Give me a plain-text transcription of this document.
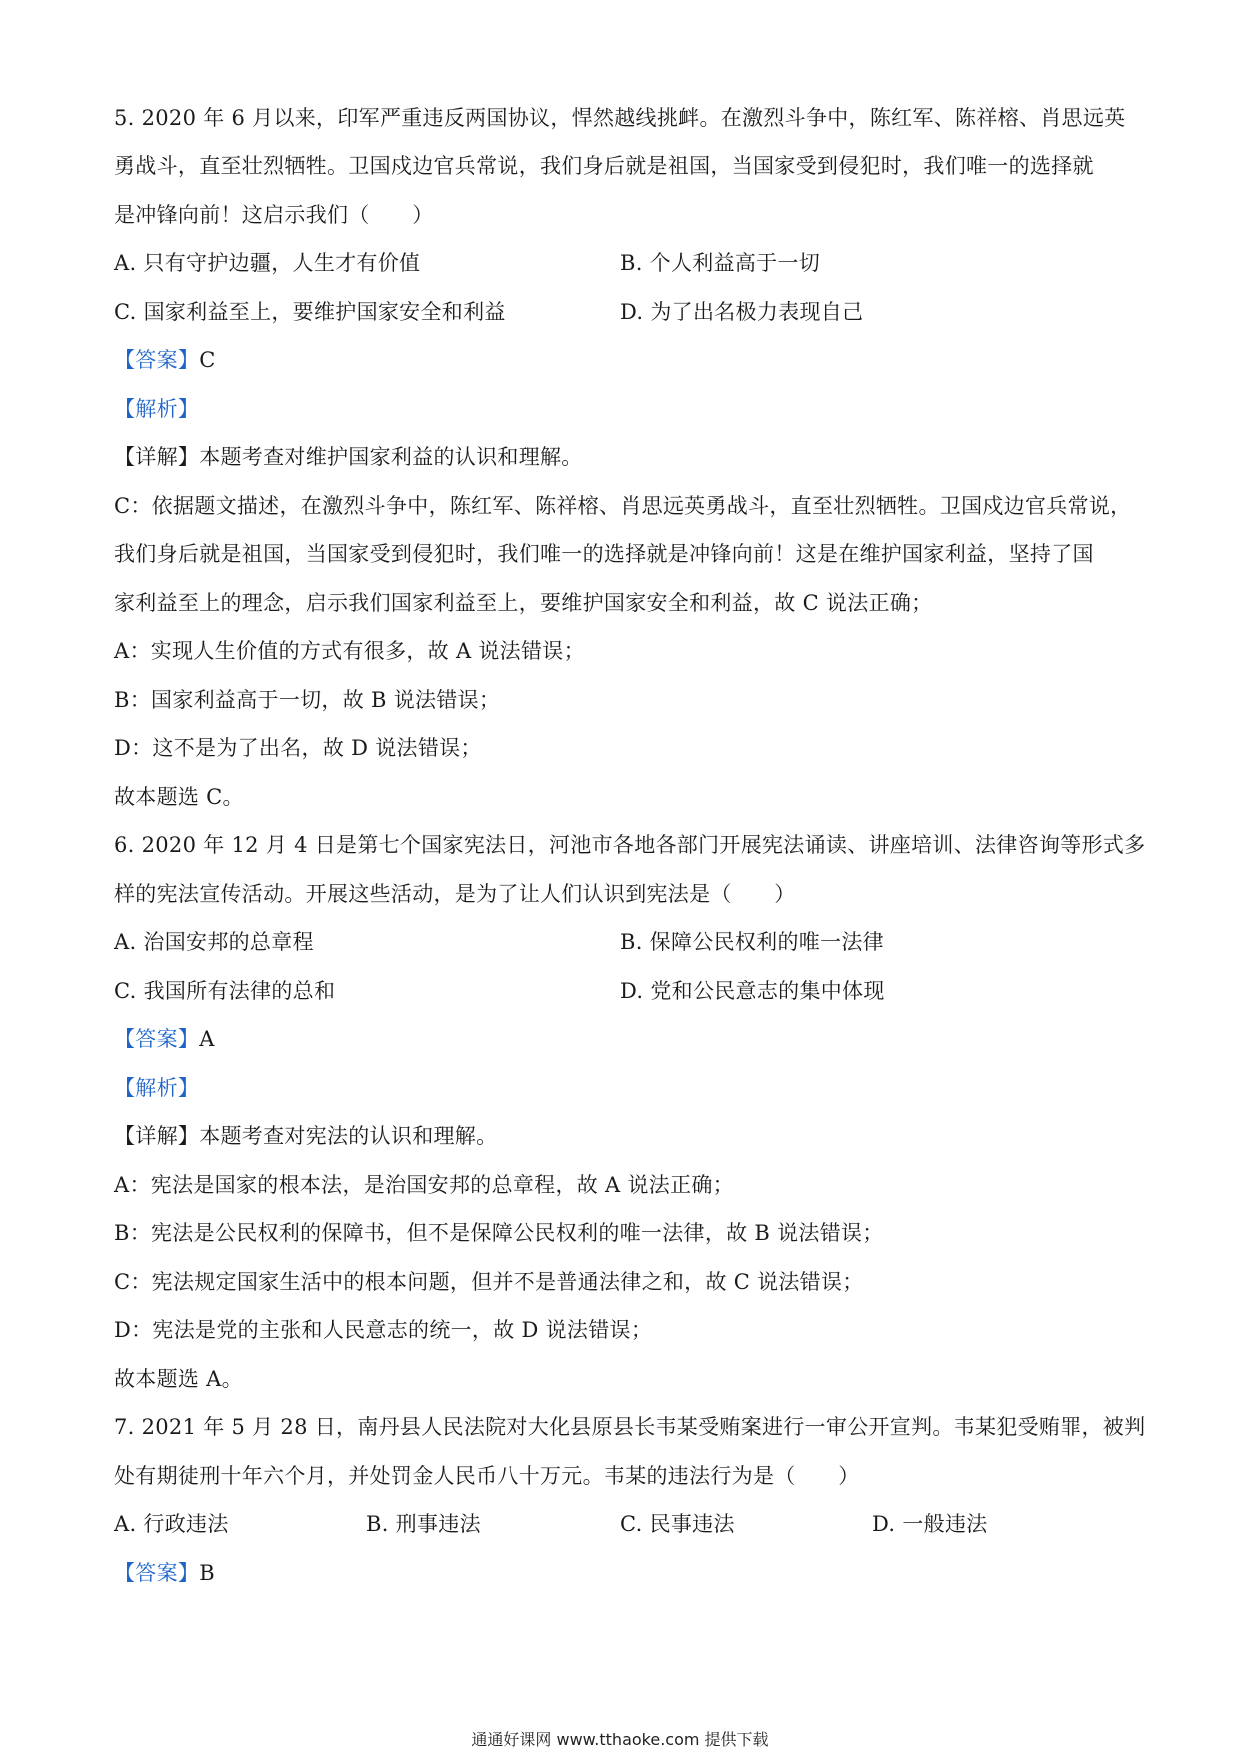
5. 2020 年 6 月以来，印军严重违反两国协议，悍然越线挑衅。在激烈斗争中，陈红军、陈祥榕、肖思远英
勇战斗，直至壮烈牺牲。卫国戍边官兵常说，我们身后就是祖国，当国家受到侵犯时，我们唯一的选择就
是冲锋向前！这启示我们（　　）
A. 只有守护边疆，人生才有价值	B. 个人利益高于一切
C. 国家利益至上，要维护国家安全和利益	D. 为了出名极力表现自己
【答案】C
【解析】
【详解】本题考查对维护国家利益的认识和理解。
C：依据题文描述，在激烈斗争中，陈红军、陈祥榕、肖思远英勇战斗，直至壮烈牺牲。卫国戍边官兵常说，
我们身后就是祖国，当国家受到侵犯时，我们唯一的选择就是冲锋向前！这是在维护国家利益，坚持了国
家利益至上的理念，启示我们国家利益至上，要维护国家安全和利益，故 C 说法正确；
A：实现人生价值的方式有很多，故 A 说法错误；
B：国家利益高于一切，故 B 说法错误；
D：这不是为了出名，故 D 说法错误；
故本题选 C。
6. 2020 年 12 月 4 日是第七个国家宪法日，河池市各地各部门开展宪法诵读、讲座培训、法律咨询等形式多
样的宪法宣传活动。开展这些活动，是为了让人们认识到宪法是（　　）
A. 治国安邦的总章程	B. 保障公民权利的唯一法律
C. 我国所有法律的总和	D. 党和公民意志的集中体现
【答案】A
【解析】
【详解】本题考查对宪法的认识和理解。
A：宪法是国家的根本法，是治国安邦的总章程，故 A 说法正确；
B：宪法是公民权利的保障书，但不是保障公民权利的唯一法律，故 B 说法错误；
C：宪法规定国家生活中的根本问题，但并不是普通法律之和，故 C 说法错误；
D：宪法是党的主张和人民意志的统一，故 D 说法错误；
故本题选 A。
7. 2021 年 5 月 28 日，南丹县人民法院对大化县原县长韦某受贿案进行一审公开宣判。韦某犯受贿罪，被判
处有期徒刑十年六个月，并处罚金人民币八十万元。韦某的违法行为是（　　）
A. 行政违法	B. 刑事违法	C. 民事违法	D. 一般违法
【答案】B
通通好课网 www.tthaoke.com 提供下载
